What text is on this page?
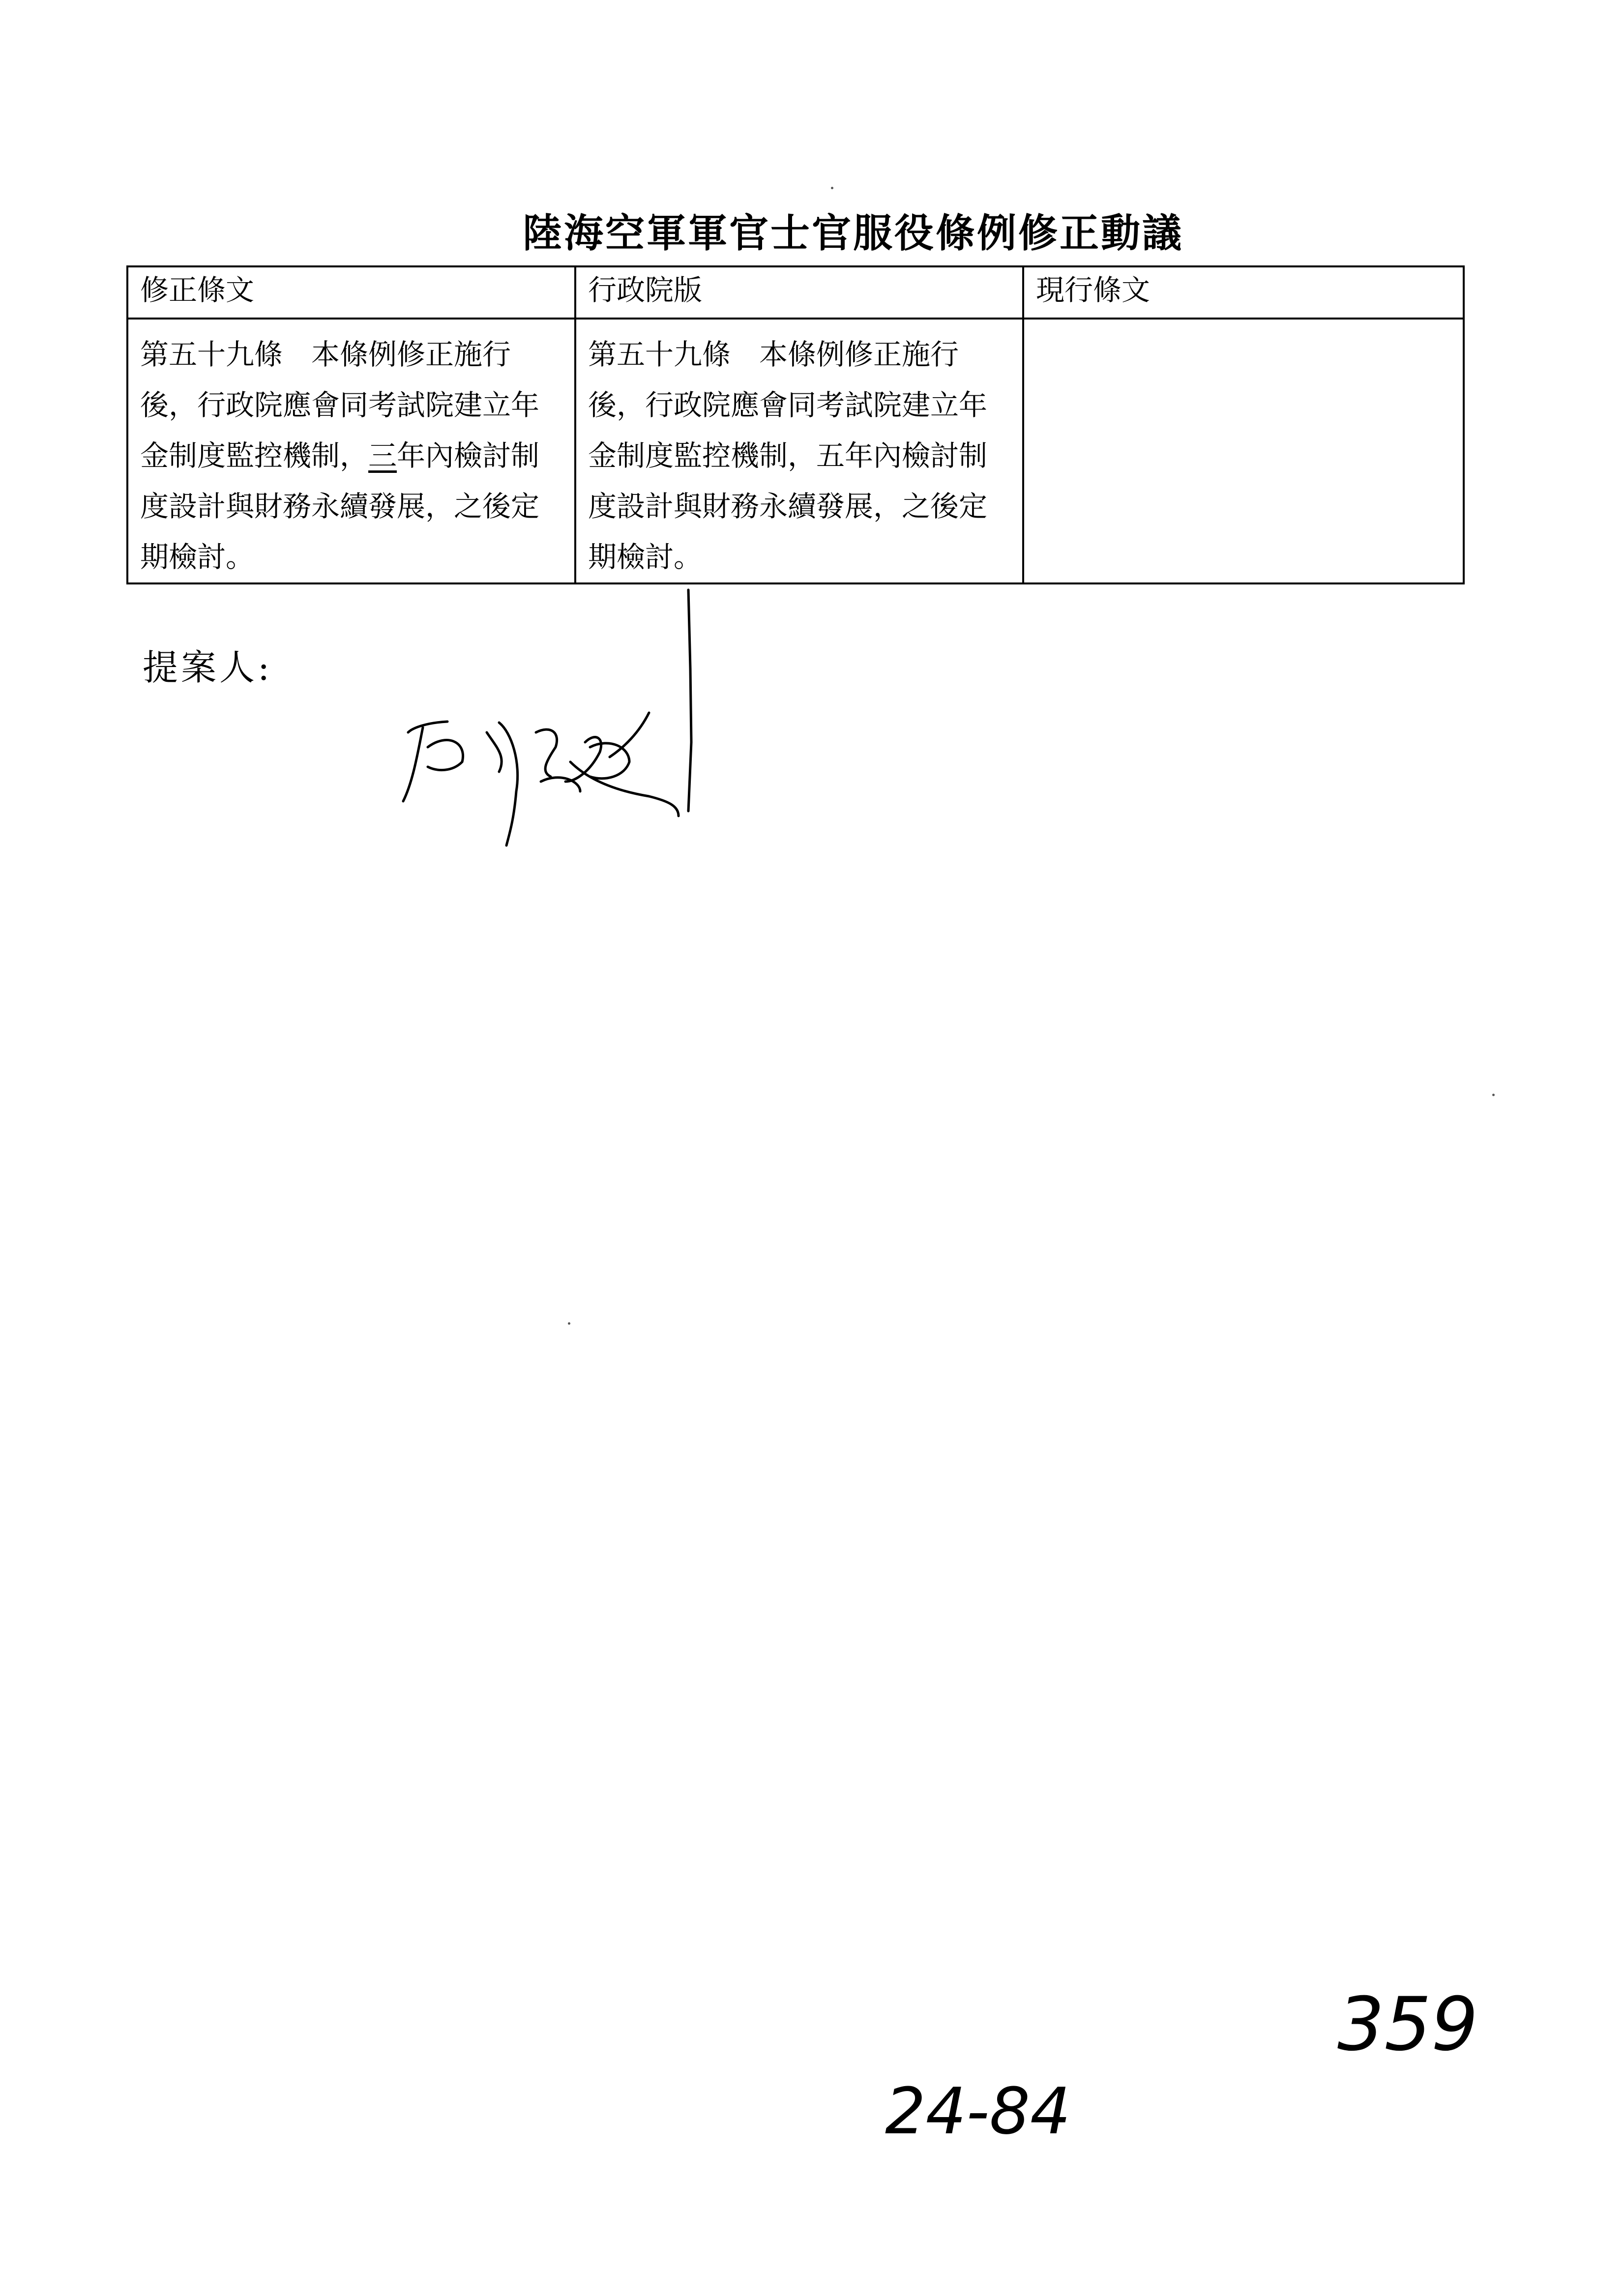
陸海空軍軍官士官服役條例修正動議
修正條文	行政院版	現行條文
第五十九條　本條例修正施行後，行政院應會同考試院建立年金制度監控機制，三年內檢討制度設計與財務永續發展，之後定期檢討。	第五十九條　本條例修正施行後，行政院應會同考試院建立年金制度監控機制，五年內檢討制度設計與財務永續發展，之後定期檢討。	
提案人:
359
24-84
